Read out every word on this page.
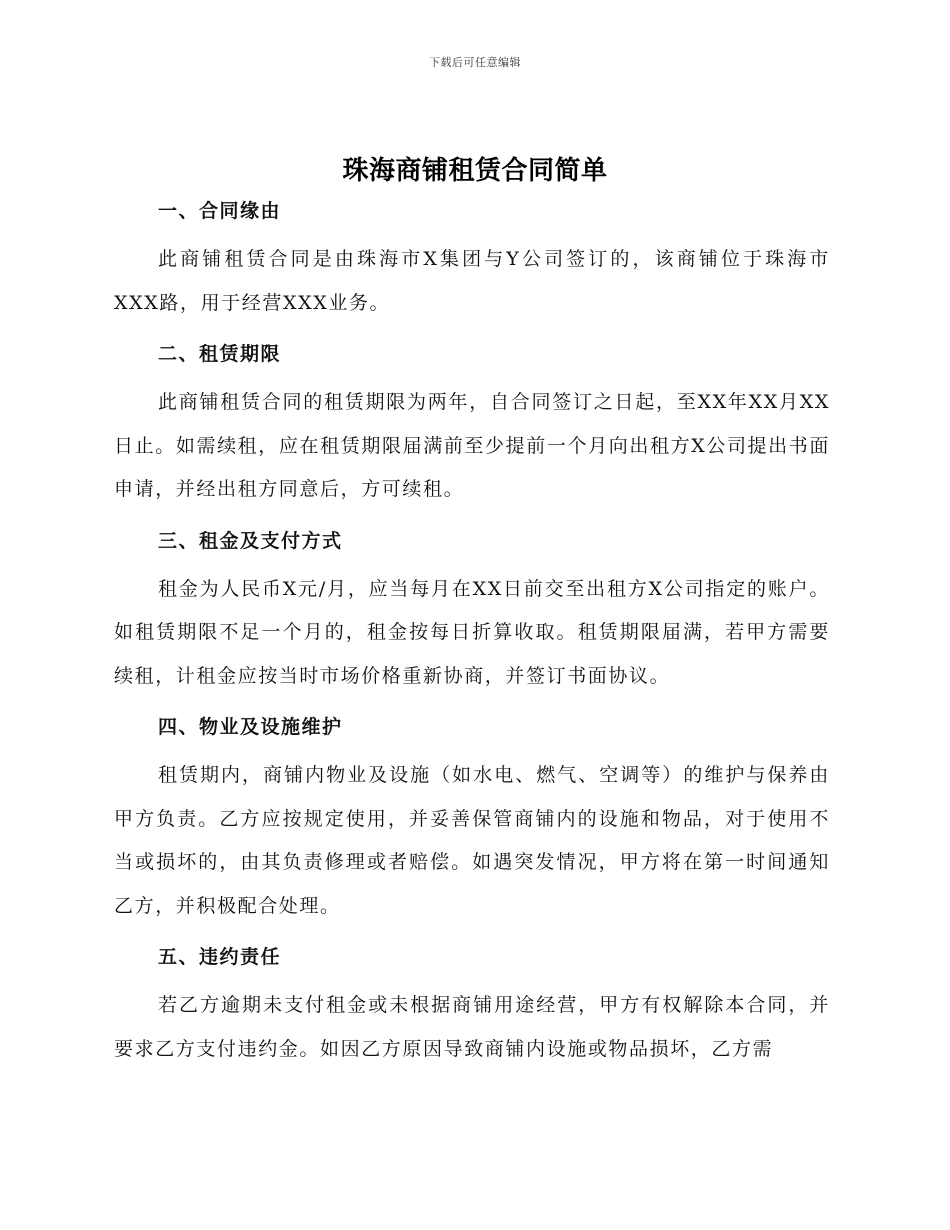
下载后可任意编辑
珠海商铺租赁合同简单

一、合同缘由

此商铺租赁合同是由珠海市X集团与Y公司签订的，该商铺位于珠海市XXX路，用于经营XXX业务。

二、租赁期限

此商铺租赁合同的租赁期限为两年，自合同签订之日起，至XX年XX月XX日止。如需续租，应在租赁期限届满前至少提前一个月向出租方X公司提出书面申请，并经出租方同意后，方可续租。

三、租金及支付方式

租金为人民币X元/月，应当每月在XX日前交至出租方X公司指定的账户。如租赁期限不足一个月的，租金按每日折算收取。租赁期限届满，若甲方需要续租，计租金应按当时市场价格重新协商，并签订书面协议。

四、物业及设施维护

租赁期内，商铺内物业及设施（如水电、燃气、空调等）的维护与保养由甲方负责。乙方应按规定使用，并妥善保管商铺内的设施和物品，对于使用不当或损坏的，由其负责修理或者赔偿。如遇突发情况，甲方将在第一时间通知乙方，并积极配合处理。

五、违约责任

若乙方逾期未支付租金或未根据商铺用途经营，甲方有权解除本合同，并要求乙方支付违约金。如因乙方原因导致商铺内设施或物品损坏，乙方需
